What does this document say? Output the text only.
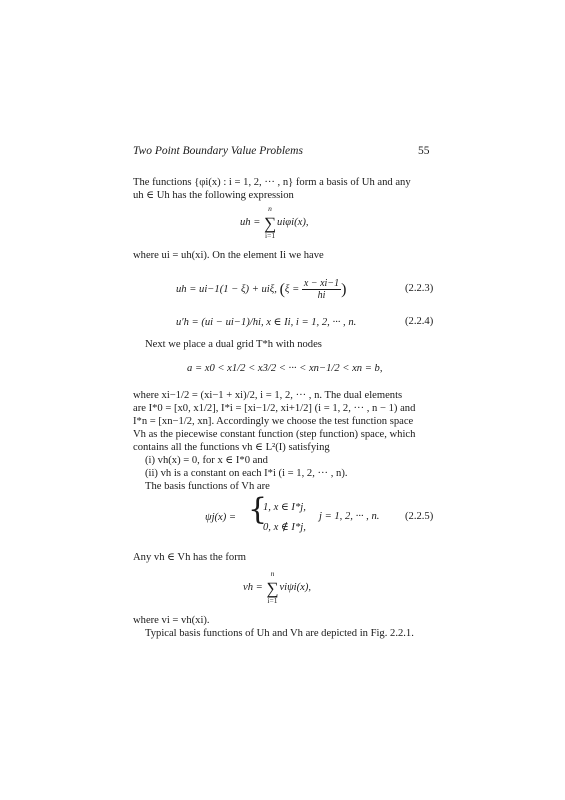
Two Point Boundary Value Problems	55
The functions {φi(x) : i = 1, 2, ··· , n} form a basis of Uh and any
uh ∈ Uh has the following expression
uh = ∑
n
i=1
uiφi(x),
where ui = uh(xi). On the element Ii we have
uh = ui−1(1 − ξ) + uiξ, ($\xi = \frac{x - xi-1}{hi}$ )	(2.2.3)
u′h = (ui − ui−1)/hi, x ∈ Ii, i = 1, 2, ··· , n.	(2.2.4)
Next we place a dual grid T*h with nodes
a = x0 < x1/2 < x3/2 < ··· < xn−1/2 < xn = b,
where xi−1/2 = (xi−1 + xi)/2, i = 1, 2, ··· , n. The dual elements
are I*0 = [x0, x1/2], I*i = [xi−1/2, xi+1/2] (i = 1, 2, ··· , n − 1) and
I*n = [xn−1/2, xn]. Accordingly we choose the test function space
Vh as the piecewise constant function (step function) space, which
contains all the functions vh ∈ L²(I) satisfying
(i) vh(x) = 0, for x ∈ I*0 and
(ii) vh is a constant on each I*i (i = 1, 2, ··· , n).
The basis functions of Vh are
ψj(x) = {
1, x ∈ I*j,
0, x ∉ I*j,
j = 1, 2, ··· , n. (2.2.5)
Any vh ∈ Vh has the form
vh = ∑
n
i=1
viψi(x),
where vi = vh(xi).
Typical basis functions of Uh and Vh are depicted in Fig. 2.2.1.
